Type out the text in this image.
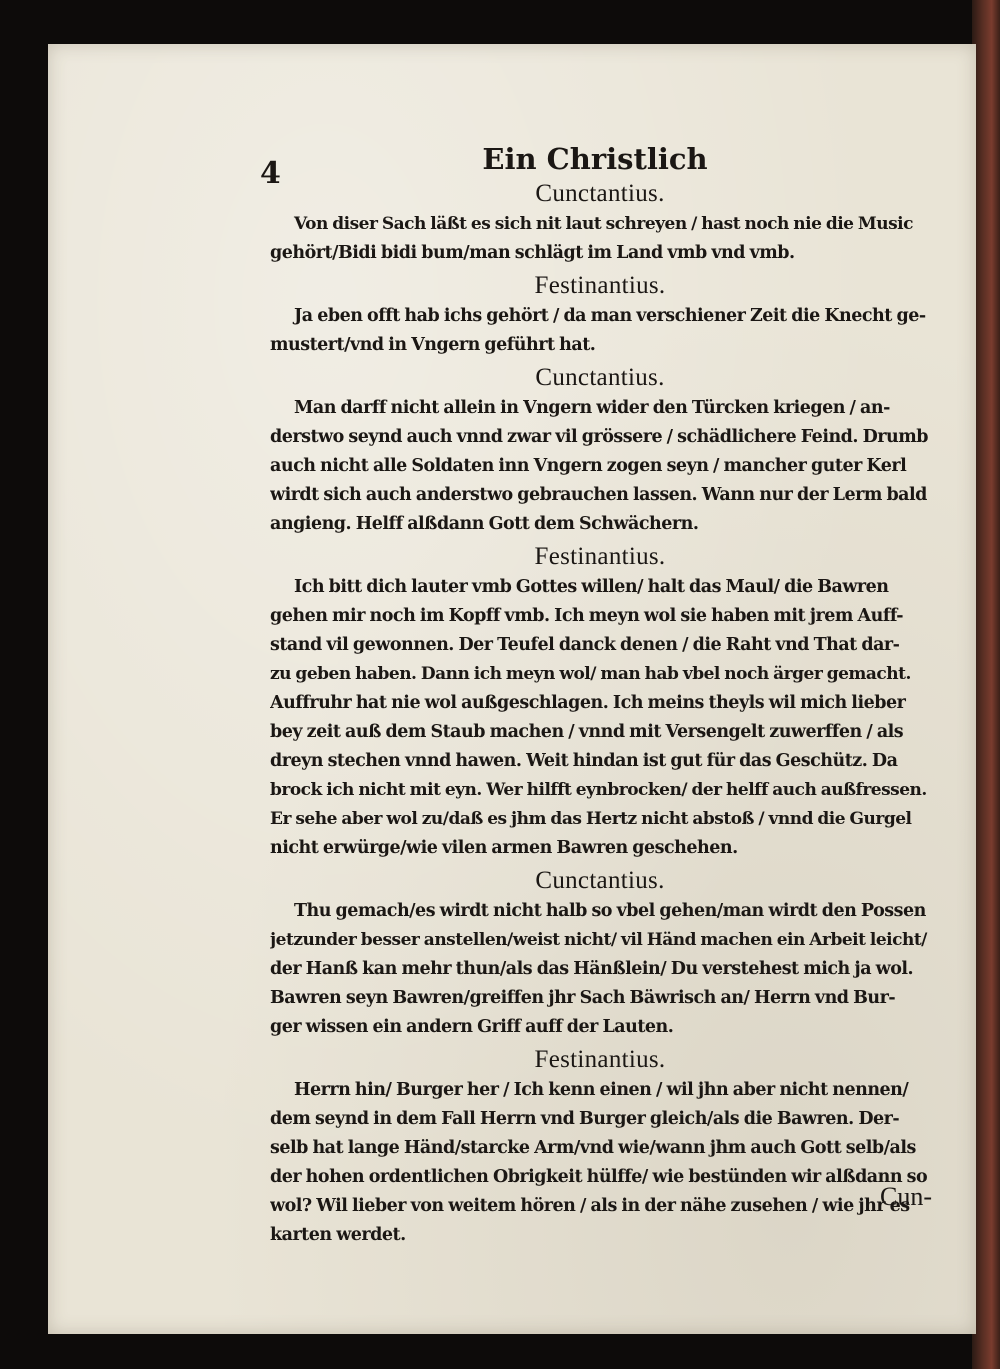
4	Ein Christlich
Cunctantius.
Von diser Sach läßt es sich nit laut schreyen / hast noch nie die Music
gehört/Bidi bidi bum/man schlägt im Land vmb vnd vmb.
Festinantius.
Ja eben offt hab ichs gehört / da man verschiener Zeit die Knecht ge-
mustert/vnd in Vngern geführt hat.
Cunctantius.
Man darff nicht allein in Vngern wider den Türcken kriegen / an-
derstwo seynd auch vnnd zwar vil grössere / schädlichere Feind. Drumb
auch nicht alle Soldaten inn Vngern zogen seyn / mancher guter Kerl
wirdt sich auch anderstwo gebrauchen lassen. Wann nur der Lerm bald
angieng. Helff alßdann Gott dem Schwächern.
Festinantius.
Ich bitt dich lauter vmb Gottes willen/ halt das Maul/ die Bawren
gehen mir noch im Kopff vmb. Ich meyn wol sie haben mit jrem Auff-
stand vil gewonnen. Der Teufel danck denen / die Raht vnd That dar-
zu geben haben. Dann ich meyn wol/ man hab vbel noch ärger gemacht.
Auffruhr hat nie wol außgeschlagen. Ich meins theyls wil mich lieber
bey zeit auß dem Staub machen / vnnd mit Versengelt zuwerffen / als
dreyn stechen vnnd hawen. Weit hindan ist gut für das Geschütz. Da
brock ich nicht mit eyn. Wer hilfft eynbrocken/ der helff auch außfressen.
Er sehe aber wol zu/daß es jhm das Hertz nicht abstoß / vnnd die Gurgel
nicht erwürge/wie vilen armen Bawren geschehen.
Cunctantius.
Thu gemach/es wirdt nicht halb so vbel gehen/man wirdt den Possen
jetzunder besser anstellen/weist nicht/ vil Händ machen ein Arbeit leicht/
der Hanß kan mehr thun/als das Hänßlein/ Du verstehest mich ja wol.
Bawren seyn Bawren/greiffen jhr Sach Bäwrisch an/ Herrn vnd Bur-
ger wissen ein andern Griff auff der Lauten.
Festinantius.
Herrn hin/ Burger her / Ich kenn einen / wil jhn aber nicht nennen/
dem seynd in dem Fall Herrn vnd Burger gleich/als die Bawren. Der-
selb hat lange Händ/starcke Arm/vnd wie/wann jhm auch Gott selb/als
der hohen ordentlichen Obrigkeit hülffe/ wie bestünden wir alßdann so
wol? Wil lieber von weitem hören / als in der nähe zusehen / wie jhr es
karten werdet.
Cun-
